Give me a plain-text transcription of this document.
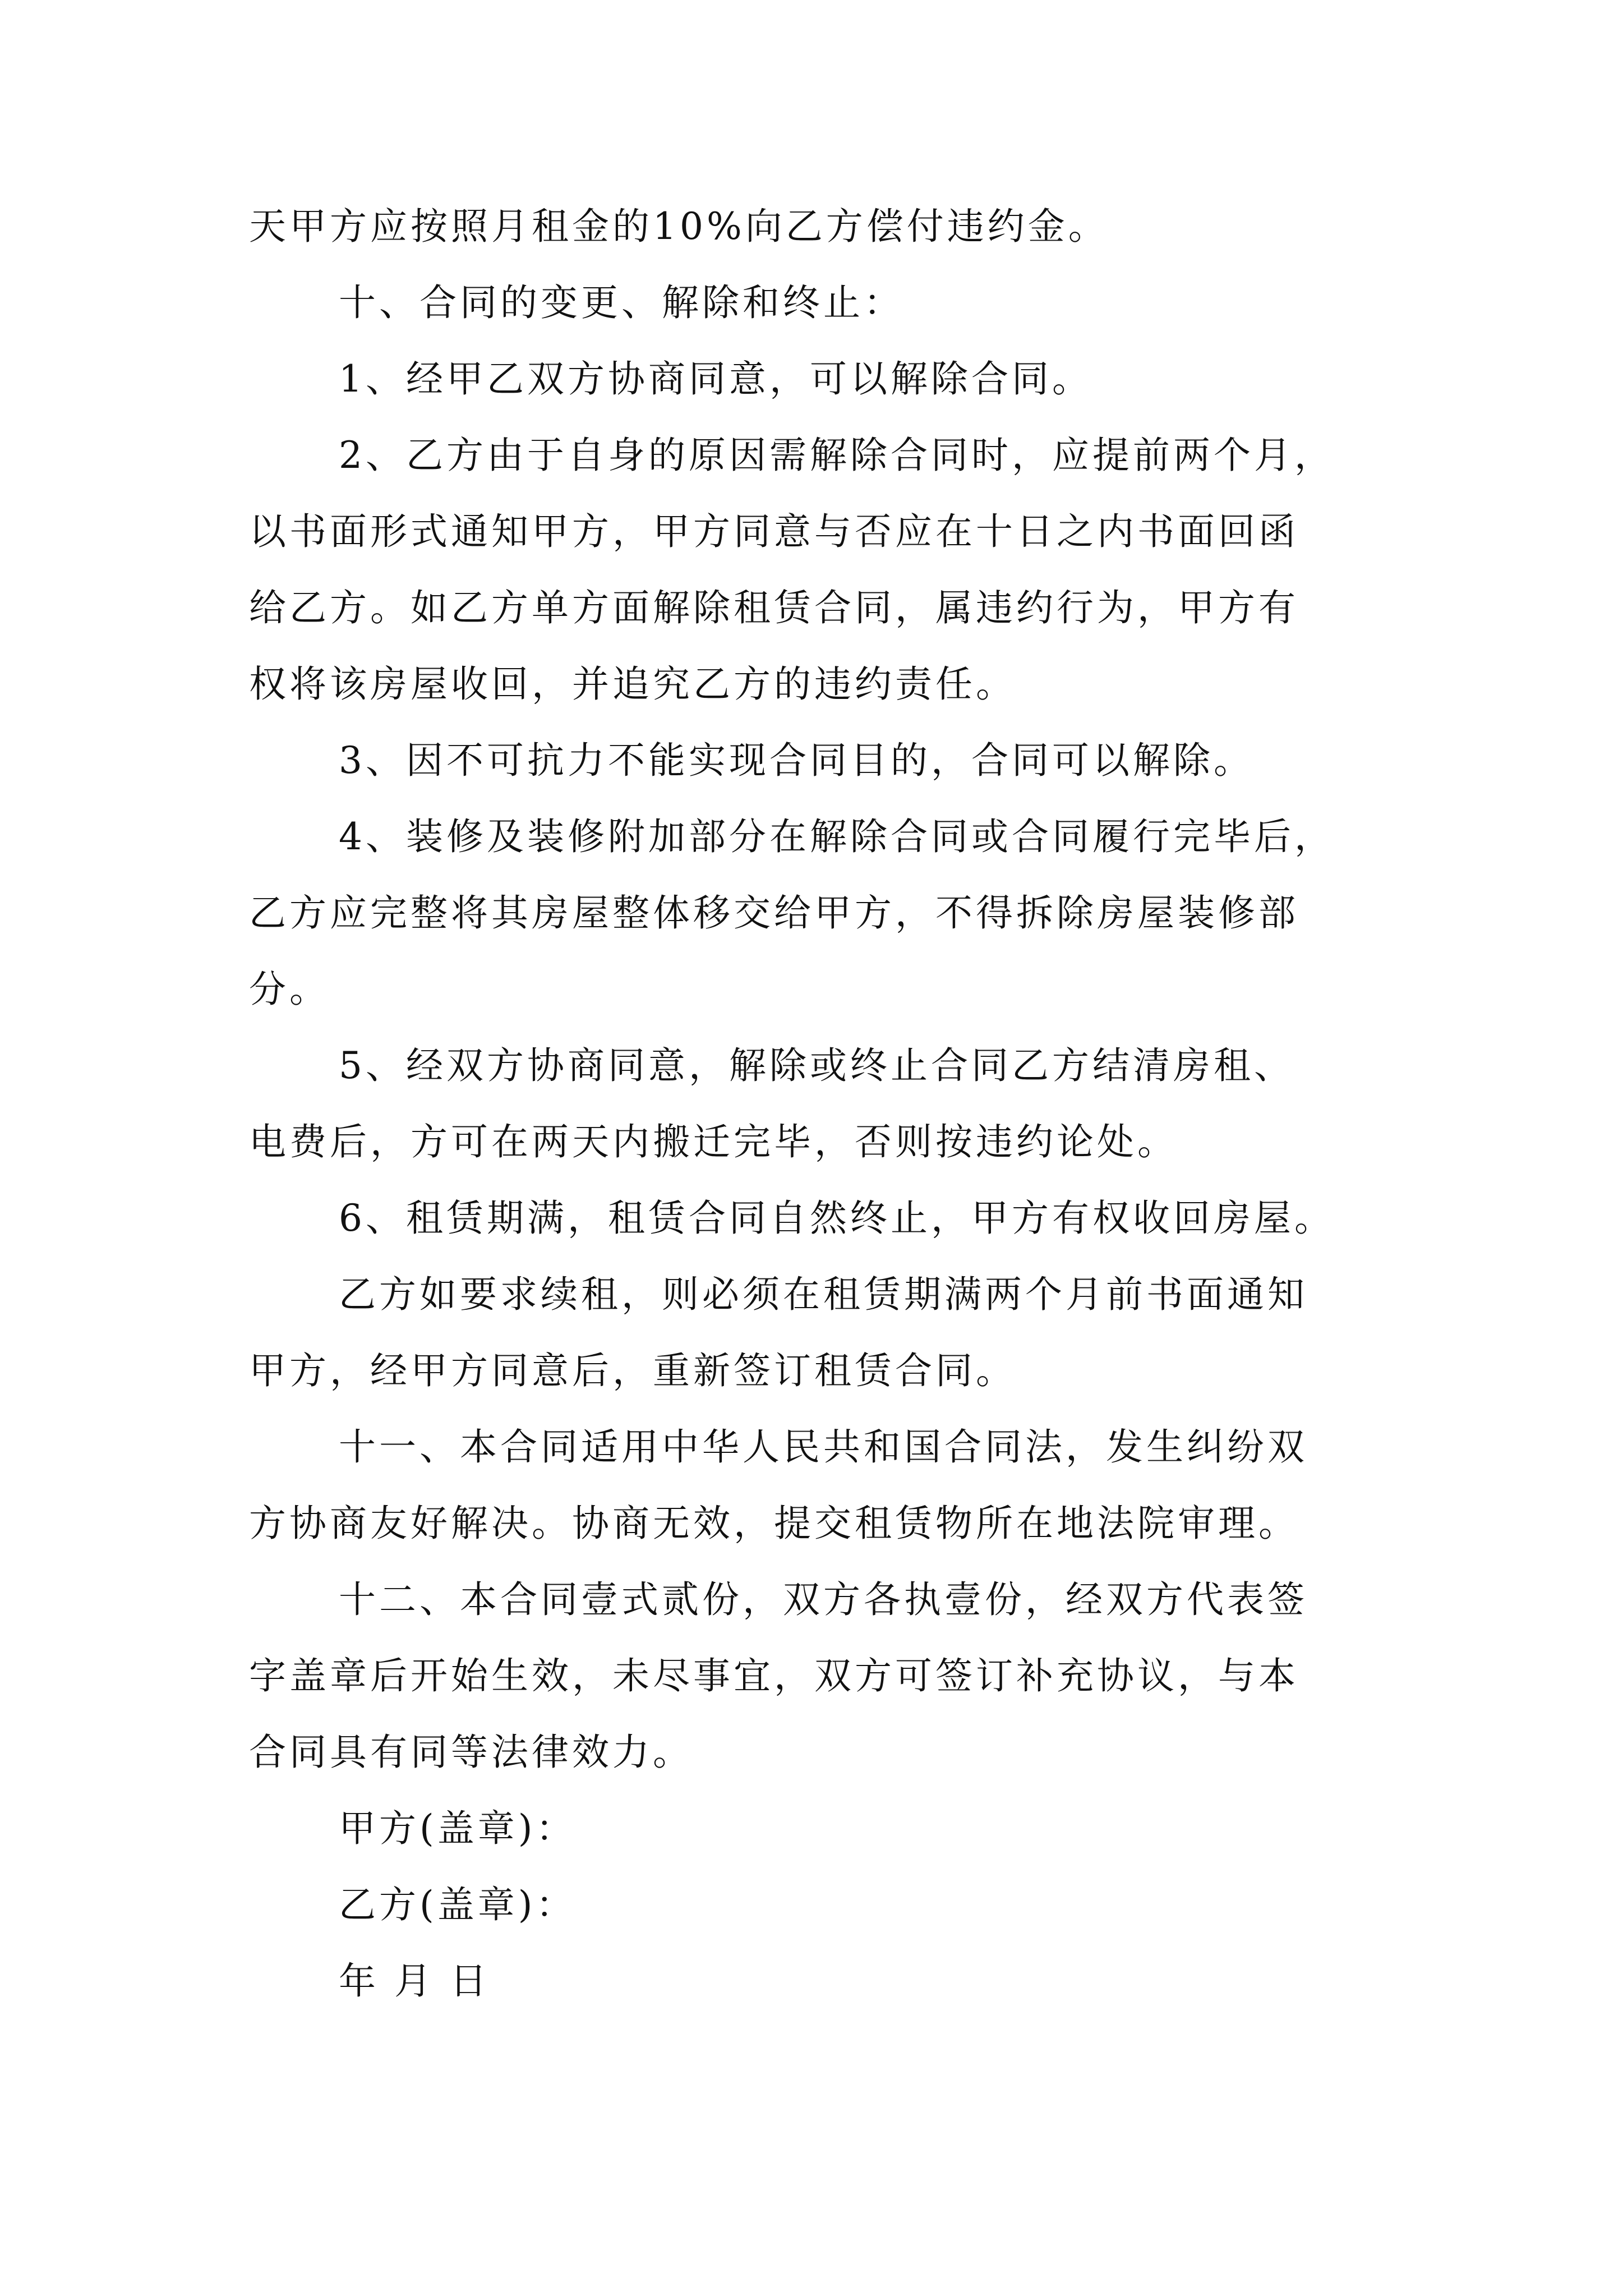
天甲方应按照月租金的10%向乙方偿付违约金。
十、合同的变更、解除和终止：
1、经甲乙双方协商同意，可以解除合同。
2、乙方由于自身的原因需解除合同时，应提前两个月，
以书面形式通知甲方，甲方同意与否应在十日之内书面回函
给乙方。如乙方单方面解除租赁合同，属违约行为，甲方有
权将该房屋收回，并追究乙方的违约责任。
3、因不可抗力不能实现合同目的，合同可以解除。
4、装修及装修附加部分在解除合同或合同履行完毕后，
乙方应完整将其房屋整体移交给甲方，不得拆除房屋装修部
分。
5、经双方协商同意，解除或终止合同乙方结清房租、
电费后，方可在两天内搬迁完毕，否则按违约论处。
6、租赁期满，租赁合同自然终止，甲方有权收回房屋。
乙方如要求续租，则必须在租赁期满两个月前书面通知
甲方，经甲方同意后，重新签订租赁合同。
十一、本合同适用中华人民共和国合同法，发生纠纷双
方协商友好解决。协商无效，提交租赁物所在地法院审理。
十二、本合同壹式贰份，双方各执壹份，经双方代表签
字盖章后开始生效，未尽事宜，双方可签订补充协议，与本
合同具有同等法律效力。
甲方(盖章)：
乙方(盖章)：
年 月 日
